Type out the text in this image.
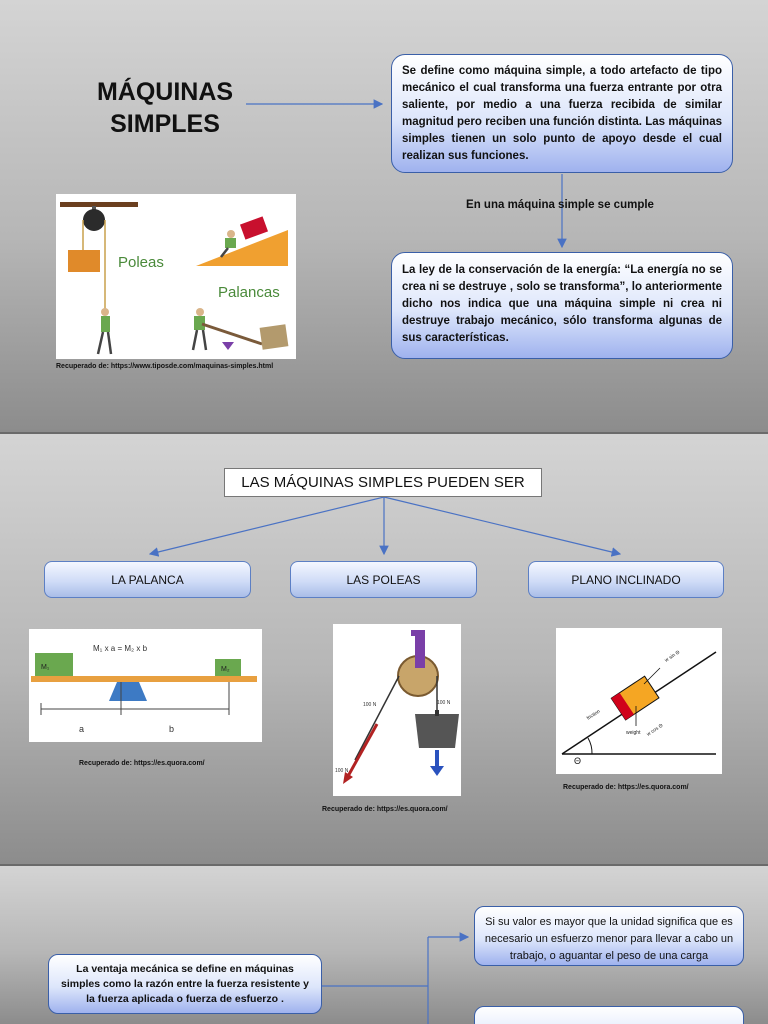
MÁQUINAS
SIMPLES
Se define como máquina simple, a todo artefacto de tipo mecánico el cual transforma una fuerza entrante por otra saliente, por medio a una fuerza recibida de similar magnitud pero reciben una función distinta. Las máquinas simples tienen un solo punto de apoyo desde el cual realizan sus funciones.
En una máquina simple se cumple
La ley de la conservación de la energía: “La energía no se crea ni se destruye , solo se transforma”, lo anteriormente dicho nos indica que una máquina simple ni crea ni destruye trabajo mecánico, sólo transforma algunas de sus características.
Poleas
Palancas
Recuperado de: https://www.tiposde.com/maquinas-simples.html
LAS MÁQUINAS SIMPLES PUEDEN SER
LA PALANCA	LAS POLEAS	PLANO INCLINADO
M₁ x a = M₂ x b
M₁	M₂
a	b
Recuperado de: https://es.quora.com/
100 N	100 N
100 N
Recuperado de: https://es.quora.com/
Θ
w sin Θ
friction
weight w cos Θ
Recuperado de: https://es.quora.com/
La ventaja mecánica se define en máquinas simples como la razón entre la fuerza resistente y la fuerza aplicada o fuerza de esfuerzo .
Si su valor es mayor que la unidad significa que es necesario un esfuerzo menor para llevar a cabo un trabajo, o aguantar el peso de una carga
